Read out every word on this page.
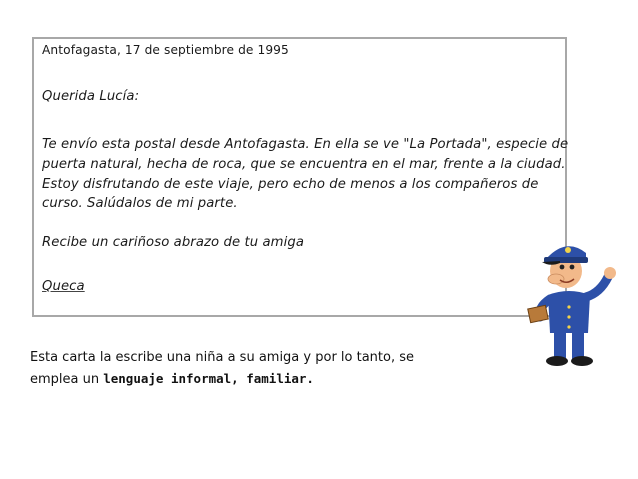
Antofagasta, 17 de septiembre de 1995
Querida Lucía:
Te envío esta postal desde Antofagasta. En ella se ve "La Portada", especie de
puerta natural, hecha de roca, que se encuentra en el mar, frente a la ciudad.
Estoy disfrutando de este viaje, pero echo de menos a los compañeros de
curso. Salúdalos de mi parte.
Recibe un cariñoso abrazo de tu amiga
Queca
Esta carta la escribe una niña a su amiga y por lo tanto, se
emplea un lenguaje informal, familiar.
